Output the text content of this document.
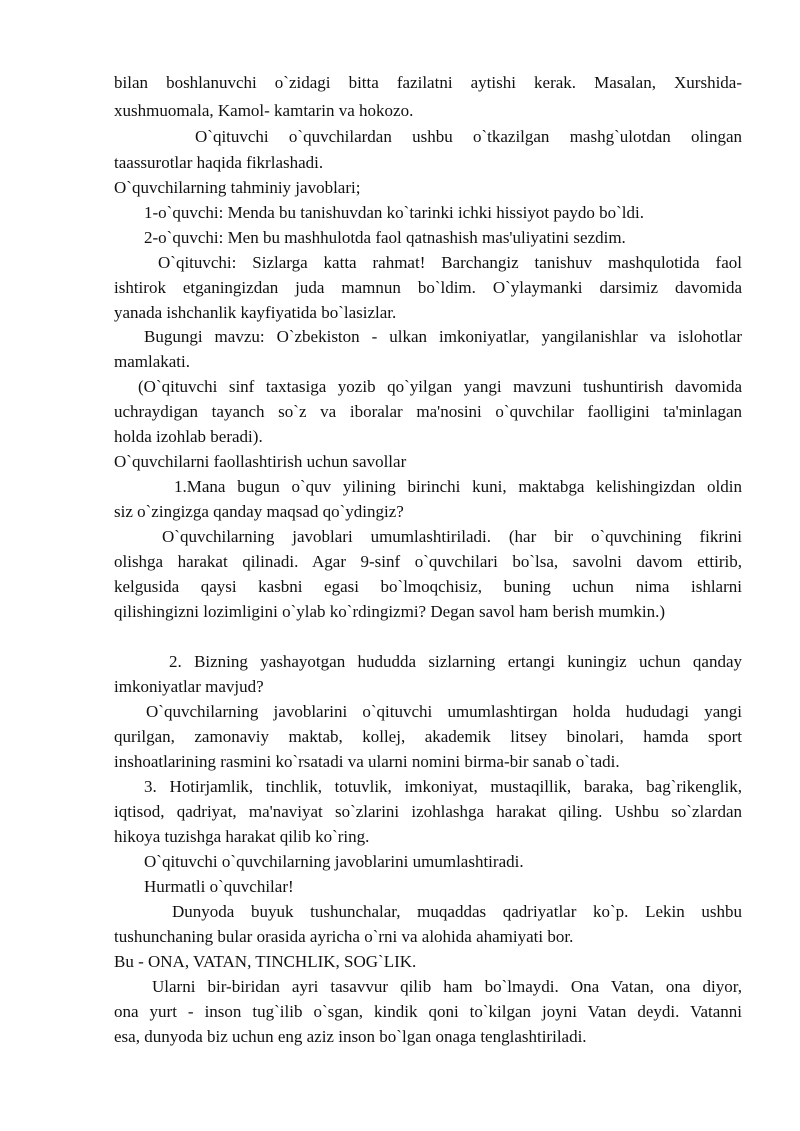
bilan boshlanuvchi o`zidagi bitta fazilatni aytishi kerak. Masalan, Xurshida-
xushmuomala, Kamol- kamtarin va hokozo.
O`qituvchi o`quvchilardan ushbu o`tkazilgan mashg`ulotdan olingan
taassurotlar haqida fikrlashadi.
O`quvchilarning tahminiy javoblari;
1-o`quvchi: Menda bu tanishuvdan ko`tarinki ichki hissiyot paydo bo`ldi.
2-o`quvchi: Men bu mashhulotda faol qatnashish mas'uliyatini sezdim.
O`qituvchi: Sizlarga katta rahmat! Barchangiz tanishuv mashqulotida faol
ishtirok etganingizdan juda mamnun bo`ldim. O`ylaymanki darsimiz davomida
yanada ishchanlik kayfiyatida bo`lasizlar.
Bugungi mavzu: O`zbekiston - ulkan imkoniyatlar, yangilanishlar va islohotlar
mamlakati.
(O`qituvchi sinf taxtasiga yozib qo`yilgan yangi mavzuni tushuntirish davomida
uchraydigan tayanch so`z va iboralar ma'nosini o`quvchilar faolligini ta'minlagan
holda izohlab beradi).
O`quvchilarni faollashtirish uchun savollar
1.Mana bugun o`quv yilining birinchi kuni, maktabga kelishingizdan oldin
siz o`zingizga qanday maqsad qo`ydingiz?
O`quvchilarning javoblari umumlashtiriladi. (har bir o`quvchining fikrini
olishga harakat qilinadi. Agar 9-sinf o`quvchilari bo`lsa, savolni davom ettirib,
kelgusida qaysi kasbni egasi bo`lmoqchisiz, buning uchun nima ishlarni
qilishingizni lozimligini o`ylab ko`rdingizmi? Degan savol ham berish mumkin.)
2. Bizning yashayotgan hududda sizlarning ertangi kuningiz uchun qanday
imkoniyatlar mavjud?
O`quvchilarning javoblarini o`qituvchi umumlashtirgan holda hududagi yangi
qurilgan, zamonaviy maktab, kollej, akademik litsey binolari, hamda sport
inshoatlarining rasmini ko`rsatadi va ularni nomini birma-bir sanab o`tadi.
3. Hotirjamlik, tinchlik, totuvlik, imkoniyat, mustaqillik, baraka, bag`rikenglik,
iqtisod, qadriyat, ma'naviyat so`zlarini izohlashga harakat qiling. Ushbu so`zlardan
hikoya tuzishga harakat qilib ko`ring.
O`qituvchi o`quvchilarning javoblarini umumlashtiradi.
Hurmatli o`quvchilar!
Dunyoda buyuk tushunchalar, muqaddas qadriyatlar ko`p. Lekin ushbu
tushunchaning bular orasida ayricha o`rni va alohida ahamiyati bor.
Bu - ONA, VATAN, TINCHLIK, SOG`LIK.
Ularni bir-biridan ayri tasavvur qilib ham bo`lmaydi. Ona Vatan, ona diyor,
ona yurt - inson tug`ilib o`sgan, kindik qoni to`kilgan joyni Vatan deydi. Vatanni
esa, dunyoda biz uchun eng aziz inson bo`lgan onaga tenglashtiriladi.
